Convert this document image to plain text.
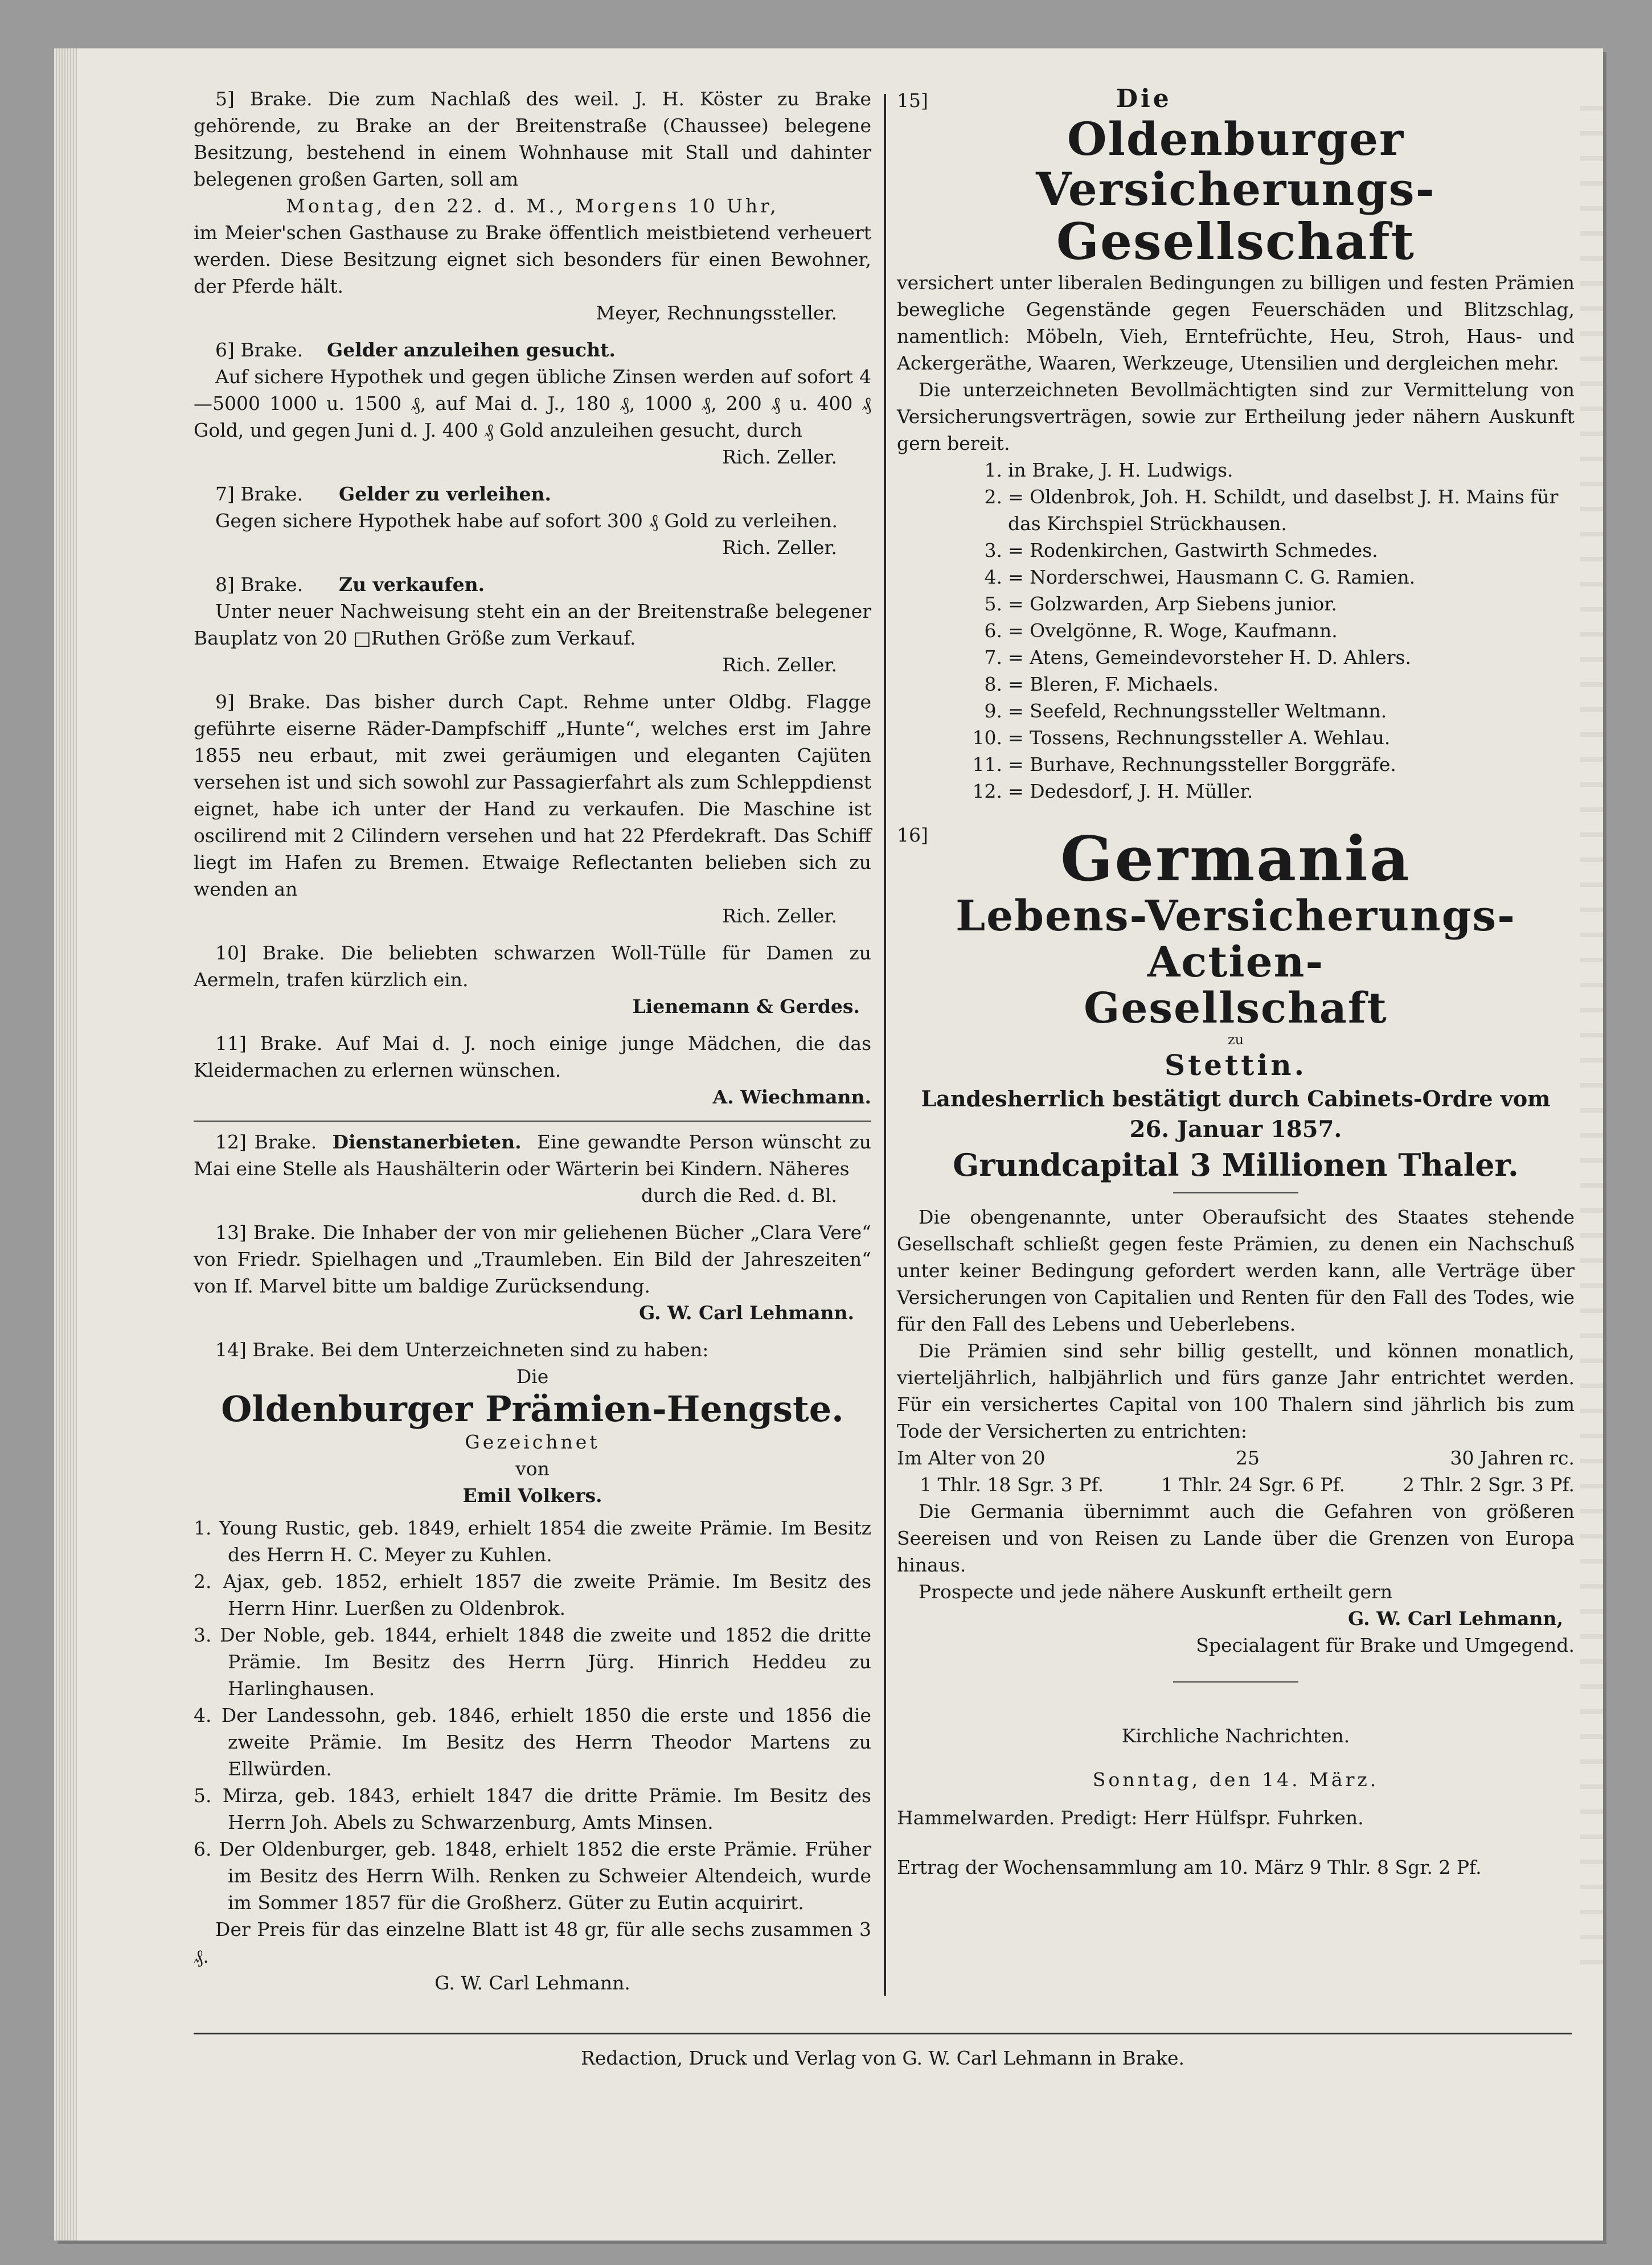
5] Brake. Die zum Nachlaß des weil. J. H. Köster zu Brake gehörende, zu Brake an der Breitenstraße (Chaussee) belegene Besitzung, bestehend in einem Wohnhause mit Stall und dahinter belegenen großen Garten, soll am

Montag, den 22. d. M., Morgens 10 Uhr,

im Meier'schen Gasthause zu Brake öffentlich meistbietend verheuert werden. Diese Besitzung eignet sich besonders für einen Bewohner, der Pferde hält.

Meyer, Rechnungssteller.

6] Brake. Gelder anzuleihen gesucht.

Auf sichere Hypothek und gegen übliche Zinsen werden auf sofort 4—5000 1000 u. 1500 ₰, auf Mai d. J., 180 ₰, 1000 ₰, 200 ₰ u. 400 ₰ Gold, und gegen Juni d. J. 400 ₰ Gold anzuleihen gesucht, durch

Rich. Zeller.

7] Brake. Gelder zu verleihen.

Gegen sichere Hypothek habe auf sofort 300 ₰ Gold zu verleihen.

Rich. Zeller.

8] Brake. Zu verkaufen.

Unter neuer Nachweisung steht ein an der Breitenstraße belegener Bauplatz von 20 □Ruthen Größe zum Verkauf.

Rich. Zeller.

9] Brake. Das bisher durch Capt. Rehme unter Oldbg. Flagge geführte eiserne Räder-Dampfschiff „Hunte“, welches erst im Jahre 1855 neu erbaut, mit zwei geräumigen und eleganten Cajüten versehen ist und sich sowohl zur Passagierfahrt als zum Schleppdienst eignet, habe ich unter der Hand zu verkaufen. Die Maschine ist oscilirend mit 2 Cilindern versehen und hat 22 Pferdekraft. Das Schiff liegt im Hafen zu Bremen. Etwaige Reflectanten belieben sich zu wenden an

Rich. Zeller.

10] Brake. Die beliebten schwarzen Woll-Tülle für Damen zu Aermeln, trafen kürzlich ein.

Lienemann & Gerdes.

11] Brake. Auf Mai d. J. noch einige junge Mädchen, die das Kleidermachen zu erlernen wünschen.

A. Wiechmann.

12] Brake. Dienstanerbieten. Eine gewandte Person wünscht zu Mai eine Stelle als Haushälterin oder Wärterin bei Kindern. Näheres

durch die Red. d. Bl.

13] Brake. Die Inhaber der von mir geliehenen Bücher „Clara Vere“ von Friedr. Spielhagen und „Traumleben. Ein Bild der Jahreszeiten“ von If. Marvel bitte um baldige Zurücksendung.

G. W. Carl Lehmann.

14] Brake. Bei dem Unterzeichneten sind zu haben:

Die

Oldenburger Prämien-Hengste.

Gezeichnet

von

Emil Volkers.

1. Young Rustic, geb. 1849, erhielt 1854 die zweite Prämie. Im Besitz des Herrn H. C. Meyer zu Kuhlen.

2. Ajax, geb. 1852, erhielt 1857 die zweite Prämie. Im Besitz des Herrn Hinr. Luerßen zu Oldenbrok.

3. Der Noble, geb. 1844, erhielt 1848 die zweite und 1852 die dritte Prämie. Im Besitz des Herrn Jürg. Hinrich Heddeu zu Harlinghausen.

4. Der Landessohn, geb. 1846, erhielt 1850 die erste und 1856 die zweite Prämie. Im Besitz des Herrn Theodor Martens zu Ellwürden.

5. Mirza, geb. 1843, erhielt 1847 die dritte Prämie. Im Besitz des Herrn Joh. Abels zu Schwarzenburg, Amts Minsen.

6. Der Oldenburger, geb. 1848, erhielt 1852 die erste Prämie. Früher im Besitz des Herrn Wilh. Renken zu Schweier Altendeich, wurde im Sommer 1857 für die Großherz. Güter zu Eutin acquirirt.

Der Preis für das einzelne Blatt ist 48 gr, für alle sechs zusammen 3 ₰.

G. W. Carl Lehmann.

15]	Die

Oldenburger Versicherungs-
Gesellschaft

versichert unter liberalen Bedingungen zu billigen und festen Prämien bewegliche Gegenstände gegen Feuerschäden und Blitzschlag, namentlich: Möbeln, Vieh, Erntefrüchte, Heu, Stroh, Haus- und Ackergeräthe, Waaren, Werkzeuge, Utensilien und dergleichen mehr.

Die unterzeichneten Bevollmächtigten sind zur Vermittelung von Versicherungsverträgen, sowie zur Ertheilung jeder nähern Auskunft gern bereit.

1. in Brake, J. H. Ludwigs.
2. = Oldenbrok, Joh. H. Schildt, und daselbst J. H. Mains für das Kirchspiel Strückhausen.
3. = Rodenkirchen, Gastwirth Schmedes.
4. = Norderschwei, Hausmann C. G. Ramien.
5. = Golzwarden, Arp Siebens junior.
6. = Ovelgönne, R. Woge, Kaufmann.
7. = Atens, Gemeindevorsteher H. D. Ahlers.
8. = Bleren, F. Michaels.
9. = Seefeld, Rechnungssteller Weltmann.
10. = Tossens, Rechnungssteller A. Wehlau.
11. = Burhave, Rechnungssteller Borggräfe.
12. = Dedesdorf, J. H. Müller.

16]	Germania
Lebens-Versicherungs-Actien-
Gesellschaft

zu

Stettin.

Landesherrlich bestätigt durch Cabinets-Ordre vom

26. Januar 1857.

Grundcapital 3 Millionen Thaler.

Die obengenannte, unter Oberaufsicht des Staates stehende Gesellschaft schließt gegen feste Prämien, zu denen ein Nachschuß unter keiner Bedingung gefordert werden kann, alle Verträge über Versicherungen von Capitalien und Renten für den Fall des Todes, wie für den Fall des Lebens und Ueberlebens.

Die Prämien sind sehr billig gestellt, und können monatlich, vierteljährlich, halbjährlich und fürs ganze Jahr entrichtet werden. Für ein versichertes Capital von 100 Thalern sind jährlich bis zum Tode der Versicherten zu entrichten:

Im Alter von 20	25	30 Jahren rc.

1 Thlr. 18 Sgr. 3 Pf.	1 Thlr. 24 Sgr. 6 Pf.	2 Thlr. 2 Sgr. 3 Pf.

Die Germania übernimmt auch die Gefahren von größeren Seereisen und von Reisen zu Lande über die Grenzen von Europa hinaus.

Prospecte und jede nähere Auskunft ertheilt gern

G. W. Carl Lehmann,

Specialagent für Brake und Umgegend.

Kirchliche Nachrichten.

Sonntag, den 14. März.

Hammelwarden. Predigt: Herr Hülfspr. Fuhrken.

Ertrag der Wochensammlung am 10. März 9 Thlr. 8 Sgr. 2 Pf.

Redaction, Druck und Verlag von G. W. Carl Lehmann in Brake.
